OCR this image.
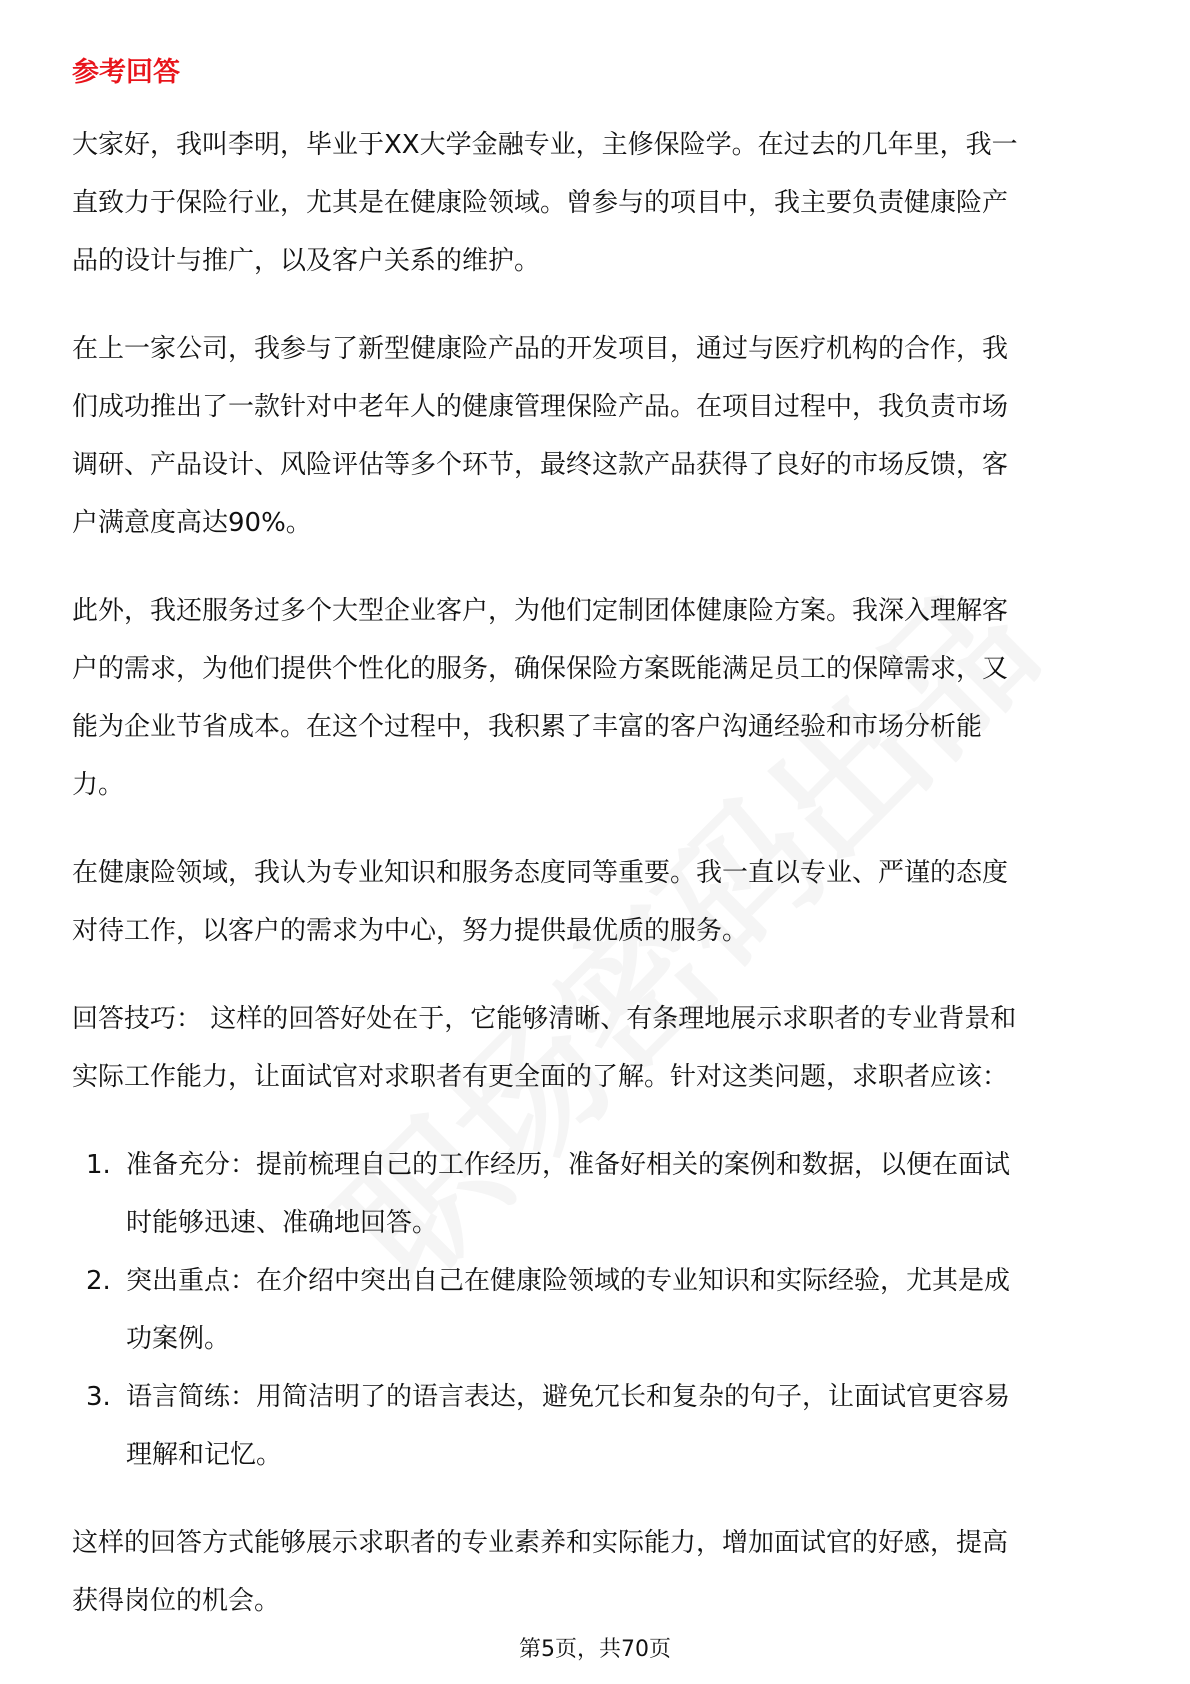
参考回答
大家好，我叫李明，毕业于XX大学金融专业，主修保险学。在过去的几年里，我一
直致力于保险行业，尤其是在健康险领域。曾参与的项目中，我主要负责健康险产
品的设计与推广，以及客户关系的维护。
在上一家公司，我参与了新型健康险产品的开发项目，通过与医疗机构的合作，我
们成功推出了一款针对中老年人的健康管理保险产品。在项目过程中，我负责市场
调研、产品设计、风险评估等多个环节，最终这款产品获得了良好的市场反馈，客
户满意度高达90%。
此外，我还服务过多个大型企业客户，为他们定制团体健康险方案。我深入理解客
户的需求，为他们提供个性化的服务，确保保险方案既能满足员工的保障需求，又
能为企业节省成本。在这个过程中，我积累了丰富的客户沟通经验和市场分析能
力。
在健康险领域，我认为专业知识和服务态度同等重要。我一直以专业、严谨的态度
对待工作，以客户的需求为中心，努力提供最优质的服务。
回答技巧： 这样的回答好处在于，它能够清晰、有条理地展示求职者的专业背景和
实际工作能力，让面试官对求职者有更全面的了解。针对这类问题，求职者应该：
1. 准备充分：提前梳理自己的工作经历，准备好相关的案例和数据，以便在面试
时能够迅速、准确地回答。
2. 突出重点：在介绍中突出自己在健康险领域的专业知识和实际经验，尤其是成
功案例。
3. 语言简练：用简洁明了的语言表达，避免冗长和复杂的句子，让面试官更容易
理解和记忆。
这样的回答方式能够展示求职者的专业素养和实际能力，增加面试官的好感，提高
获得岗位的机会。
第5页，共70页
